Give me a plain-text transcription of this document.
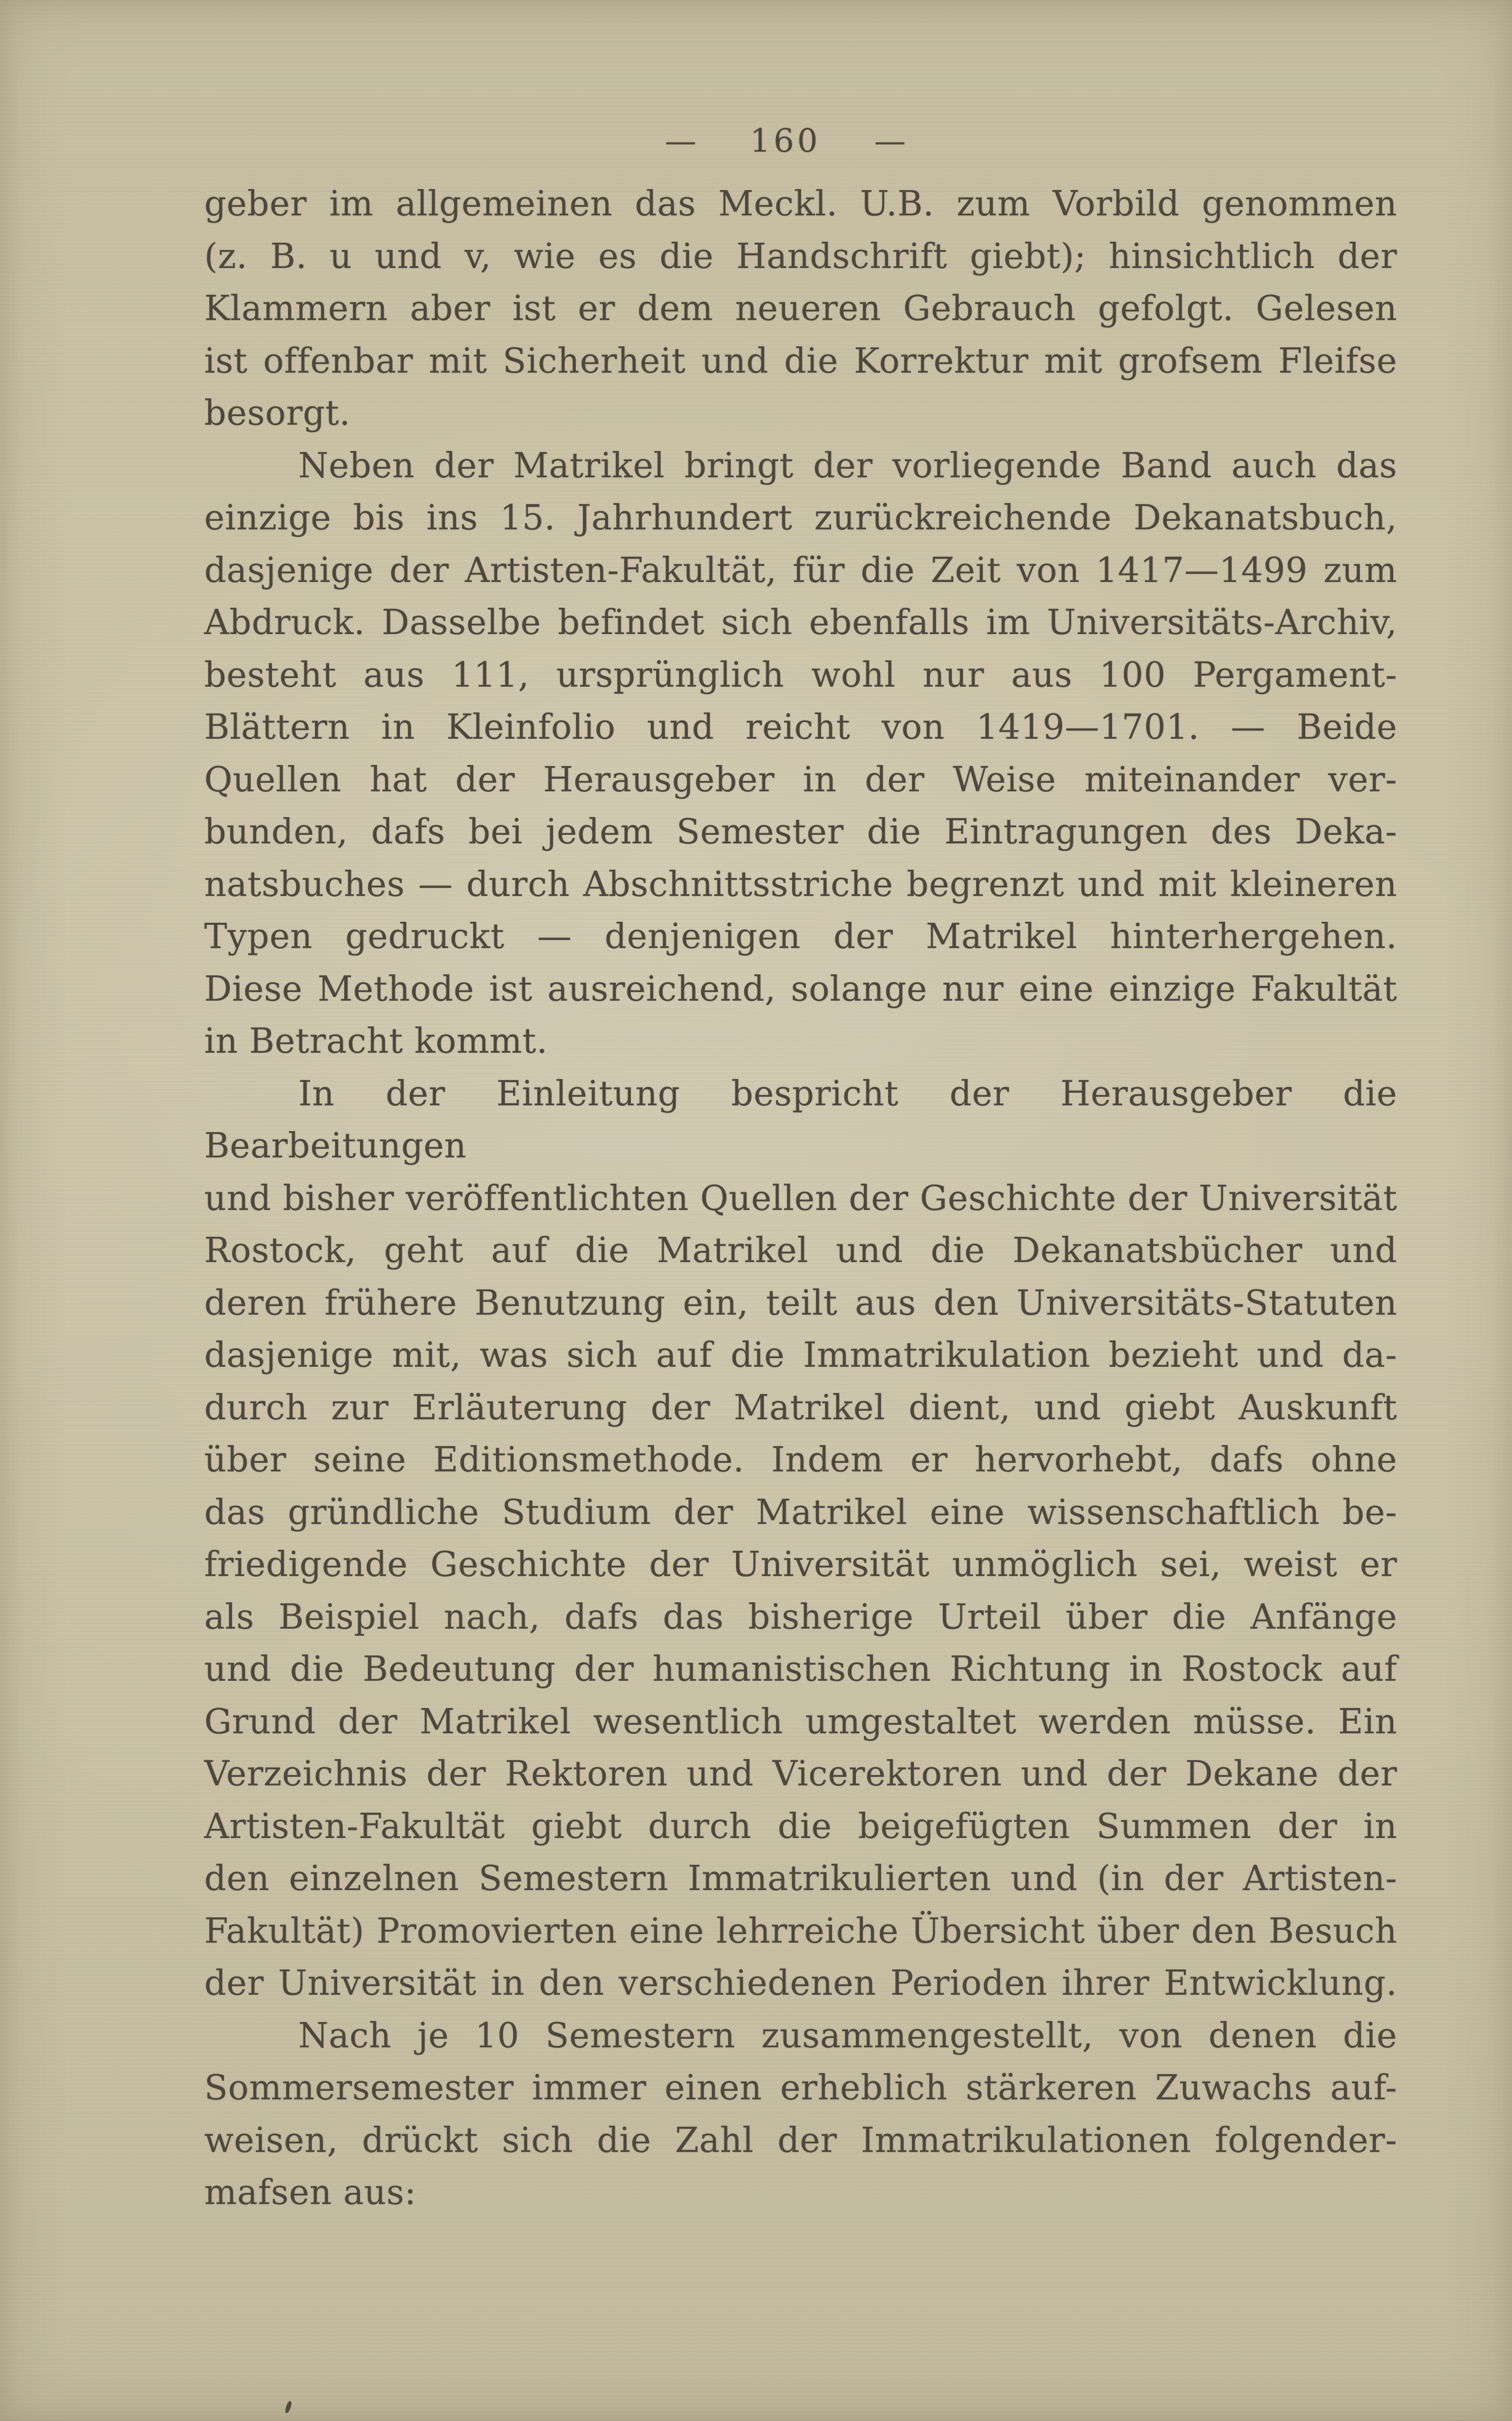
— 160 —
geber im allgemeinen das Meckl. U.B. zum Vorbild genommen
(z. B. u und v, wie es die Handschrift giebt); hinsichtlich der
Klammern aber ist er dem neueren Gebrauch gefolgt. Gelesen
ist offenbar mit Sicherheit und die Korrektur mit grofsem Fleifse
besorgt.
Neben der Matrikel bringt der vorliegende Band auch das
einzige bis ins 15. Jahrhundert zurückreichende Dekanatsbuch,
dasjenige der Artisten-Fakultät, für die Zeit von 1417—1499 zum
Abdruck. Dasselbe befindet sich ebenfalls im Universitäts-Archiv,
besteht aus 111, ursprünglich wohl nur aus 100 Pergament-
Blättern in Kleinfolio und reicht von 1419—1701. — Beide
Quellen hat der Herausgeber in der Weise miteinander ver-
bunden, dafs bei jedem Semester die Eintragungen des Deka-
natsbuches — durch Abschnittsstriche begrenzt und mit kleineren
Typen gedruckt — denjenigen der Matrikel hinterhergehen.
Diese Methode ist ausreichend, solange nur eine einzige Fakultät
in Betracht kommt.
In der Einleitung bespricht der Herausgeber die Bearbeitungen
und bisher veröffentlichten Quellen der Geschichte der Universität
Rostock, geht auf die Matrikel und die Dekanatsbücher und
deren frühere Benutzung ein, teilt aus den Universitäts-Statuten
dasjenige mit, was sich auf die Immatrikulation bezieht und da-
durch zur Erläuterung der Matrikel dient, und giebt Auskunft
über seine Editionsmethode. Indem er hervorhebt, dafs ohne
das gründliche Studium der Matrikel eine wissenschaftlich be-
friedigende Geschichte der Universität unmöglich sei, weist er
als Beispiel nach, dafs das bisherige Urteil über die Anfänge
und die Bedeutung der humanistischen Richtung in Rostock auf
Grund der Matrikel wesentlich umgestaltet werden müsse. Ein
Verzeichnis der Rektoren und Vicerektoren und der Dekane der
Artisten-Fakultät giebt durch die beigefügten Summen der in
den einzelnen Semestern Immatrikulierten und (in der Artisten-
Fakultät) Promovierten eine lehrreiche Übersicht über den Besuch
der Universität in den verschiedenen Perioden ihrer Entwicklung.
Nach je 10 Semestern zusammengestellt, von denen die
Sommersemester immer einen erheblich stärkeren Zuwachs auf-
weisen, drückt sich die Zahl der Immatrikulationen folgender-
mafsen aus:
